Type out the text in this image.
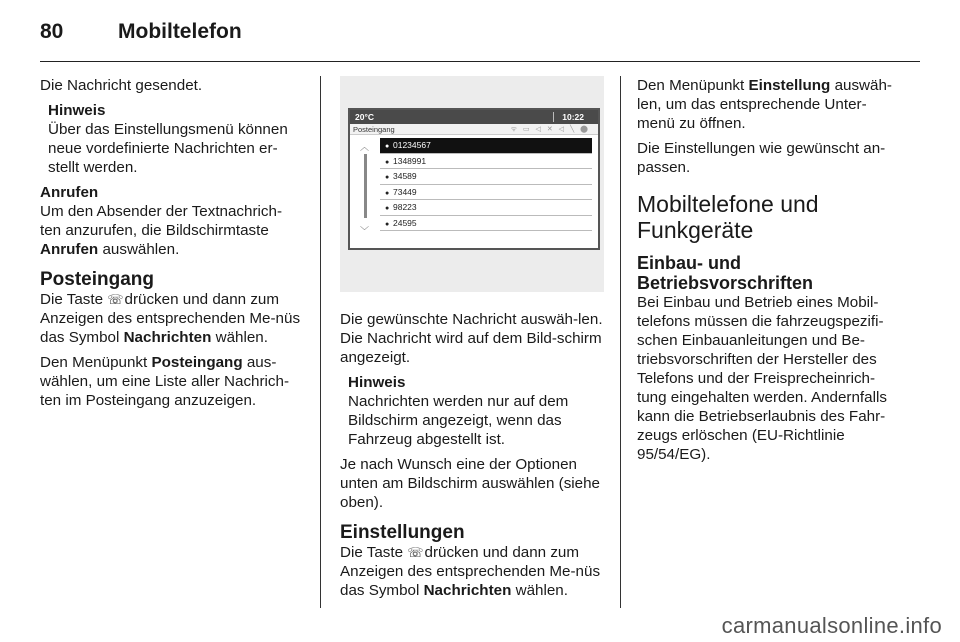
80	Mobiltelefon

Die Nachricht gesendet.

Hinweis
Über das Einstellungsmenü können neue vordefinierte Nachrichten er-stellt werden.
Anrufen

Um den Absender der Textnachrich-ten anzurufen, die Bildschirmtaste Anrufen auswählen.

Posteingang

Die Taste ☏ drücken und dann zum Anzeigen des entsprechenden Me-nüs das Symbol Nachrichten wählen.

Den Menüpunkt Posteingang aus-wählen, um eine Liste aller Nachrich-ten im Posteingang anzuzeigen.

20°C	10:22
Posteingang	ᯤ ▭ ◁ ✕ ◁ ╲ ⬤
︿
﹀
● 01234567
● 1348991
● 34589
● 73449
● 98223
● 24595

Die gewünschte Nachricht auswäh-len. Die Nachricht wird auf dem Bild-schirm angezeigt.

Hinweis
Nachrichten werden nur auf dem Bildschirm angezeigt, wenn das Fahrzeug abgestellt ist.

Je nach Wunsch eine der Optionen unten am Bildschirm auswählen (siehe oben).

Einstellungen

Die Taste ☏ drücken und dann zum Anzeigen des entsprechenden Me-nüs das Symbol Nachrichten wählen.

Den Menüpunkt Einstellung auswäh-len, um das entsprechende Unter-menü zu öffnen.

Die Einstellungen wie gewünscht an-passen.

Mobiltelefone und Funkgeräte
Einbau- und Betriebsvorschriften

Bei Einbau und Betrieb eines Mobil-telefons müssen die fahrzeugspezifi-schen Einbauanleitungen und Be-triebsvorschriften der Hersteller des Telefons und der Freisprecheinrich-tung eingehalten werden. Andernfalls kann die Betriebserlaubnis des Fahr-zeugs erlöschen (EU-Richtlinie 95/54/EG).

carmanualsonline.info
